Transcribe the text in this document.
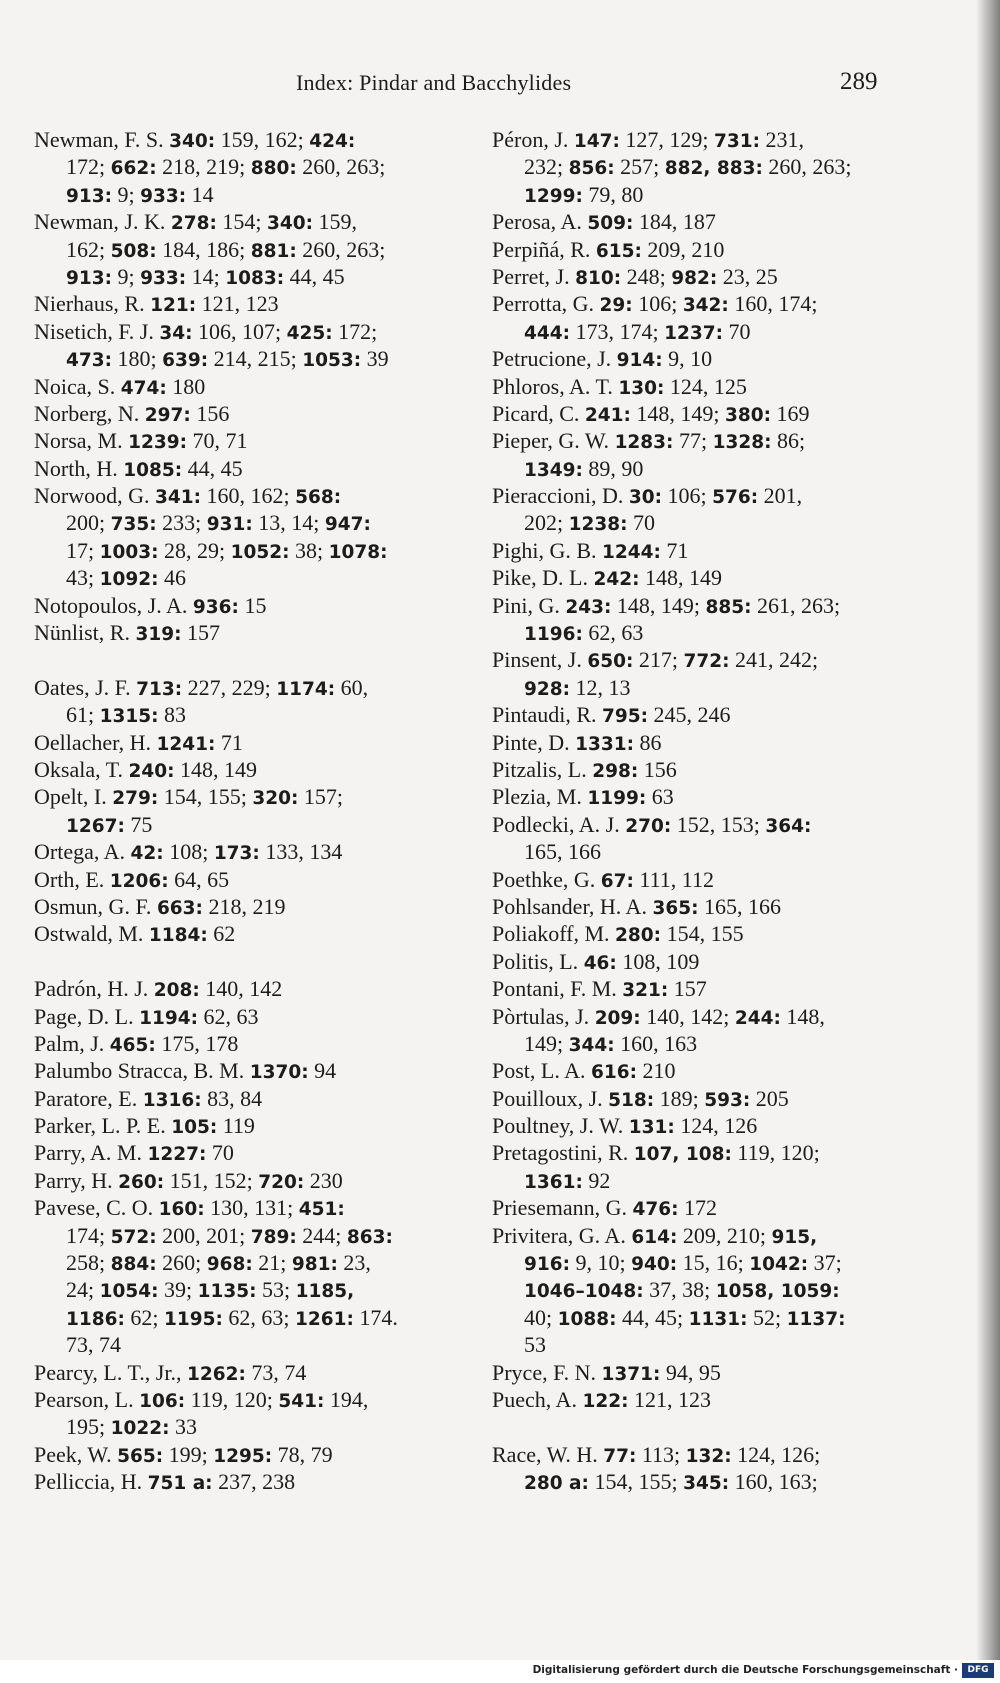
Index: Pindar and Bacchylides	289
Newman, F. S. 340: 159, 162; 424:
172; 662: 218, 219; 880: 260, 263;
913: 9; 933: 14
Newman, J. K. 278: 154; 340: 159,
162; 508: 184, 186; 881: 260, 263;
913: 9; 933: 14; 1083: 44, 45
Nierhaus, R. 121: 121, 123
Nisetich, F. J. 34: 106, 107; 425: 172;
473: 180; 639: 214, 215; 1053: 39
Noica, S. 474: 180
Norberg, N. 297: 156
Norsa, M. 1239: 70, 71
North, H. 1085: 44, 45
Norwood, G. 341: 160, 162; 568:
200; 735: 233; 931: 13, 14; 947:
17; 1003: 28, 29; 1052: 38; 1078:
43; 1092: 46
Notopoulos, J. A. 936: 15
Nünlist, R. 319: 157
Oates, J. F. 713: 227, 229; 1174: 60,
61; 1315: 83
Oellacher, H. 1241: 71
Oksala, T. 240: 148, 149
Opelt, I. 279: 154, 155; 320: 157;
1267: 75
Ortega, A. 42: 108; 173: 133, 134
Orth, E. 1206: 64, 65
Osmun, G. F. 663: 218, 219
Ostwald, M. 1184: 62
Padrón, H. J. 208: 140, 142
Page, D. L. 1194: 62, 63
Palm, J. 465: 175, 178
Palumbo Stracca, B. M. 1370: 94
Paratore, E. 1316: 83, 84
Parker, L. P. E. 105: 119
Parry, A. M. 1227: 70
Parry, H. 260: 151, 152; 720: 230
Pavese, C. O. 160: 130, 131; 451:
174; 572: 200, 201; 789: 244; 863:
258; 884: 260; 968: 21; 981: 23,
24; 1054: 39; 1135: 53; 1185,
1186: 62; 1195: 62, 63; 1261: 174.
73, 74
Pearcy, L. T., Jr., 1262: 73, 74
Pearson, L. 106: 119, 120; 541: 194,
195; 1022: 33
Peek, W. 565: 199; 1295: 78, 79
Pelliccia, H. 751 a: 237, 238
Péron, J. 147: 127, 129; 731: 231,
232; 856: 257; 882, 883: 260, 263;
1299: 79, 80
Perosa, A. 509: 184, 187
Perpiñá, R. 615: 209, 210
Perret, J. 810: 248; 982: 23, 25
Perrotta, G. 29: 106; 342: 160, 174;
444: 173, 174; 1237: 70
Petrucione, J. 914: 9, 10
Phloros, A. T. 130: 124, 125
Picard, C. 241: 148, 149; 380: 169
Pieper, G. W. 1283: 77; 1328: 86;
1349: 89, 90
Pieraccioni, D. 30: 106; 576: 201,
202; 1238: 70
Pighi, G. B. 1244: 71
Pike, D. L. 242: 148, 149
Pini, G. 243: 148, 149; 885: 261, 263;
1196: 62, 63
Pinsent, J. 650: 217; 772: 241, 242;
928: 12, 13
Pintaudi, R. 795: 245, 246
Pinte, D. 1331: 86
Pitzalis, L. 298: 156
Plezia, M. 1199: 63
Podlecki, A. J. 270: 152, 153; 364:
165, 166
Poethke, G. 67: 111, 112
Pohlsander, H. A. 365: 165, 166
Poliakoff, M. 280: 154, 155
Politis, L. 46: 108, 109
Pontani, F. M. 321: 157
Pòrtulas, J. 209: 140, 142; 244: 148,
149; 344: 160, 163
Post, L. A. 616: 210
Pouilloux, J. 518: 189; 593: 205
Poultney, J. W. 131: 124, 126
Pretagostini, R. 107, 108: 119, 120;
1361: 92
Priesemann, G. 476: 172
Privitera, G. A. 614: 209, 210; 915,
916: 9, 10; 940: 15, 16; 1042: 37;
1046–1048: 37, 38; 1058, 1059:
40; 1088: 44, 45; 1131: 52; 1137:
53
Pryce, F. N. 1371: 94, 95
Puech, A. 122: 121, 123
Race, W. H. 77: 113; 132: 124, 126;
280 a: 154, 155; 345: 160, 163;
Digitalisierung gefördert durch die Deutsche Forschungsgemeinschaft ·	DFG
